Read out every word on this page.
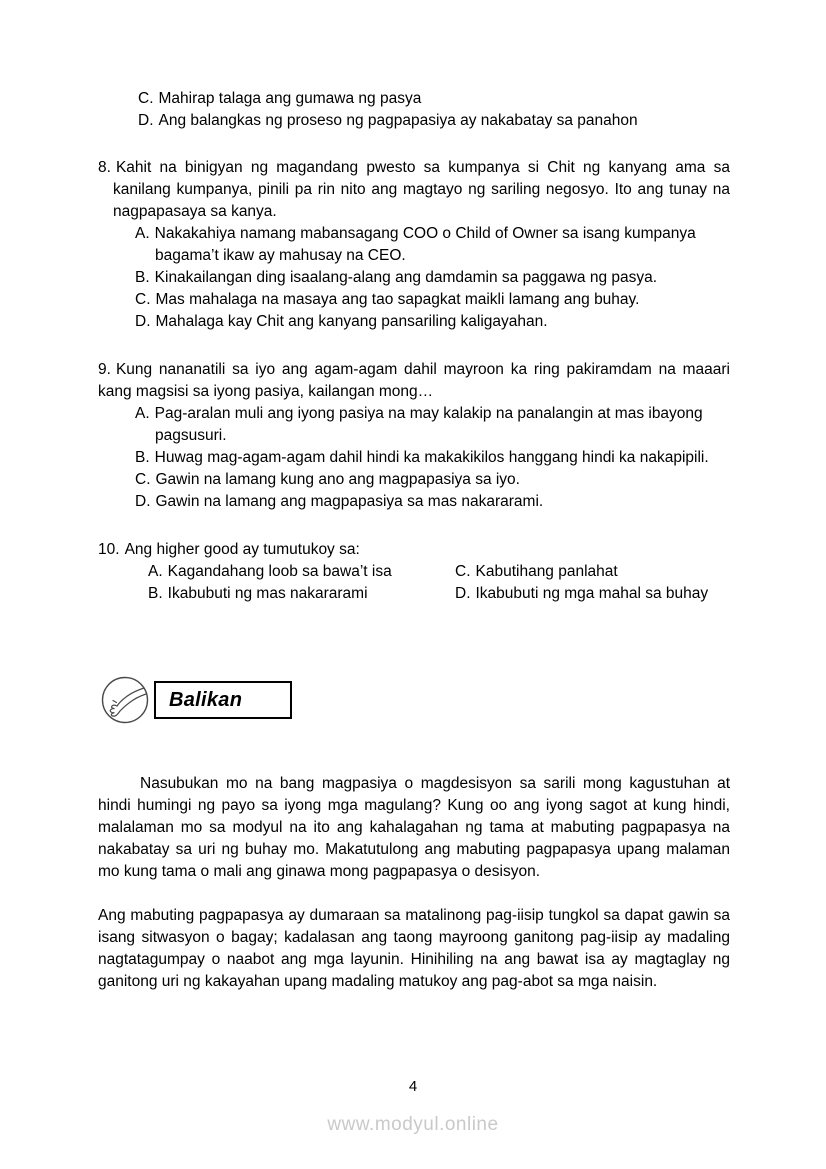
C. Mahirap talaga ang gumawa ng pasya
D. Ang balangkas ng proseso ng pagpapasiya ay nakabatay sa panahon
8. Kahit na binigyan ng magandang pwesto sa kumpanya si Chit ng kanyang ama sa kanilang kumpanya, pinili pa rin nito ang magtayo ng sariling negosyo. Ito ang tunay na nagpapasaya sa kanya.
A. Nakakahiya namang mabansagang COO o Child of Owner sa isang kumpanya bagama’t ikaw ay mahusay na CEO.
B. Kinakailangan ding isaalang-alang ang damdamin sa paggawa ng pasya.
C. Mas mahalaga na masaya ang tao sapagkat maikli lamang ang buhay.
D. Mahalaga kay Chit ang kanyang pansariling kaligayahan.
9. Kung nananatili sa iyo ang agam-agam dahil mayroon ka ring pakiramdam na maaari kang magsisi sa iyong pasiya, kailangan mong…
A. Pag-aralan muli ang iyong pasiya na may kalakip na panalangin at mas ibayong pagsusuri.
B. Huwag mag-agam-agam dahil hindi ka makakikilos hanggang hindi ka nakapipili.
C. Gawin na lamang kung ano ang magpapasiya sa iyo.
D. Gawin na lamang ang magpapasiya sa mas nakararami.
10. Ang higher good ay tumutukoy sa:
A. Kagandahang loob sa bawa’t isa	C. Kabutihang panlahat
B. Ikabubuti ng mas nakararami	D. Ikabubuti ng mga mahal sa buhay
Balikan
Nasubukan mo na bang magpasiya o magdesisyon sa sarili mong kagustuhan at hindi humingi ng payo sa iyong mga magulang? Kung oo ang iyong sagot at kung hindi, malalaman mo sa modyul na ito ang kahalagahan ng tama at mabuting pagpapasya na nakabatay sa uri ng buhay mo. Makatutulong ang mabuting pagpapasya upang malaman mo kung tama o mali ang ginawa mong pagpapasya o desisyon.
Ang mabuting pagpapasya ay dumaraan sa matalinong pag-iisip tungkol sa dapat gawin sa isang sitwasyon o bagay; kadalasan ang taong mayroong ganitong pag-iisip ay madaling nagtatagumpay o naabot ang mga layunin. Hinihiling na ang bawat isa ay magtaglay ng ganitong uri ng kakayahan upang madaling matukoy ang pag-abot sa mga naisin.
4
www.modyul.online
